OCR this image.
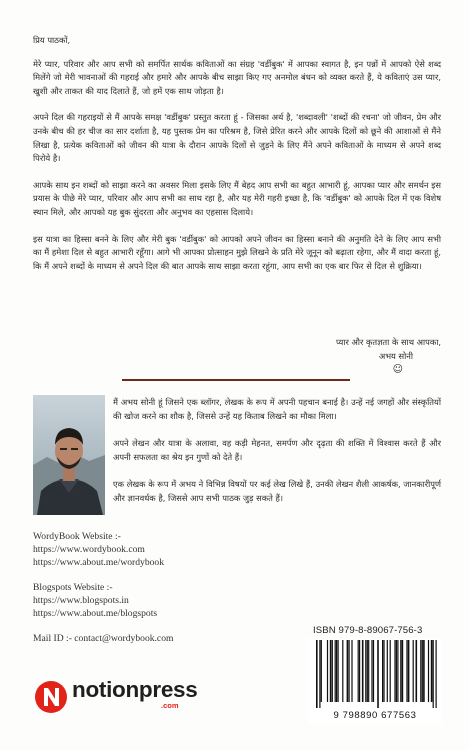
प्रिय पाठकों,

मेरे प्यार, परिवार और आप सभी को समर्पित सार्थक कविताओं का संग्रह 'वर्डीबुक' में आपका स्वागत है, इन पन्नों में आपको ऐसे शब्द मिलेंगे जो मेरी भावनाओं की गहराई और हमारे और आपके बीच साझा किए गए अनमोल बंधन को व्यक्त करते हैं, ये कविताएं उस प्यार, खुशी और ताकत की याद दिलाते हैं, जो हमें एक साथ जोड़ता है।

अपने दिल की गहराइयों से मैं आपके समक्ष 'वर्डीबुक' प्रस्तुत करता हूं - जिसका अर्थ है, 'शब्दावली' 'शब्दों की रचना' जो जीवन, प्रेम और उनके बीच की हर चीज का सार दर्शाता है, यह पुस्तक प्रेम का परिश्रम है, जिसे प्रेरित करने और आपके दिलों को छूने की आशाओं से मैंने लिखा है, प्रत्येक कविताओं को जीवन की यात्रा के दौरान आपके दिलों से जुड़ने के लिए मैंने अपने कविताओं के माध्यम से अपने शब्द पिरोये है।

आपके साथ इन शब्दों को साझा करने का अवसर मिला इसके लिए मैं बेहद आप सभी का बहुत आभारी हूं, आपका प्यार और समर्थन इस प्रयास के पीछे मेरे प्यार, परिवार और आप सभी का साथ रहा है, और यह मेरी गहरी इच्छा है, कि 'वर्डीबुक' को आपके दिल में एक विशेष स्थान मिले, और आपको यह बुक सुंदरता और अनुभव का एहसास दिलाये।

इस यात्रा का हिस्सा बनने के लिए और मेरी बुक 'वर्डीबुक' को आपको अपने जीवन का हिस्सा बनाने की अनुमति देने के लिए आप सभी का मैं हमेशा दिल से बहुत आभारी रहूँगा। आगे भी आपका प्रोत्साहन मुझे लिखने के प्रति मेरे जूनून को बढ़ाता रहेगा, और मैं वादा करता हूं, कि मैं अपने शब्दों के माध्यम से अपने दिल की बात आपके साथ साझा करता रहूंगा, आप सभी का एक बार फिर से दिल से शुक्रिया।

प्यार और कृतज्ञता के साथ आपका,
अभय सोनी
☺

मैं अभय सोनी हूं जिसने एक ब्लॉगर, लेखक के रूप में अपनी पहचान बनाई है। उन्हें नई जगहों और संस्कृतियों की खोज करने का शौक है, जिससे उन्हें यह किताब लिखने का मौका मिला।

अपने लेखन और यात्रा के अलावा, वह कड़ी मेहनत, समर्पण और दृढ़ता की शक्ति में विश्वास करते हैं और अपनी सफलता का श्रेय इन गुणों को देते हैं।

एक लेखक के रूप में अभय ने विभिन्न विषयों पर कई लेख लिखे हैं, उनकी लेखन शैली आकर्षक, जानकारीपूर्ण और ज्ञानवर्धक है, जिससे आप सभी पाठक जुड़ सकते हैं।

WordyBook Website :-
https://www.wordybook.com
https://www.about.me/wordybook
Blogspots Website :-
https://www.blogspots.in
https://www.about.me/blogspots
Mail ID :- contact@wordybook.com
ISBN 979-8-89067-756-3
9 798890 677563
notionpress
.com
